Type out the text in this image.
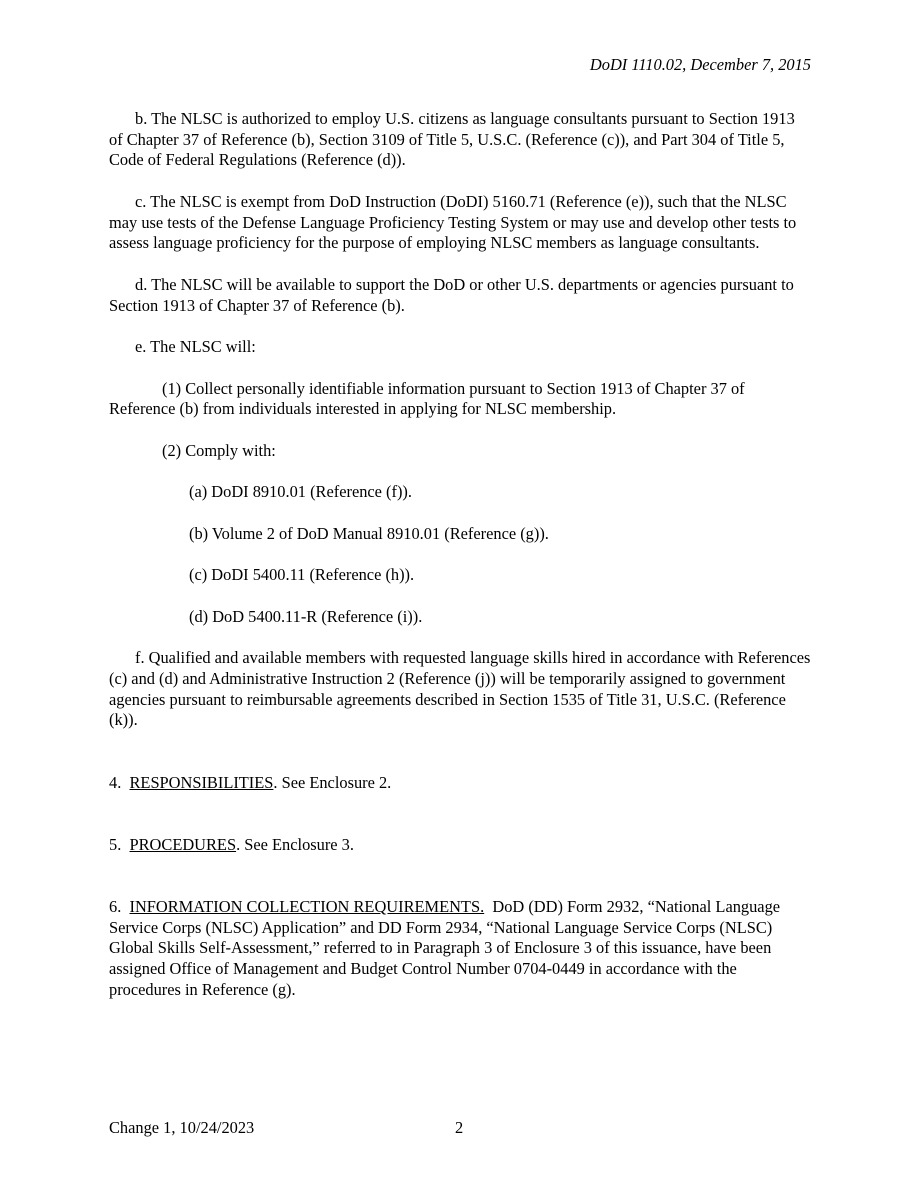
DoDI 1110.02, December 7, 2015

b. The NLSC is authorized to employ U.S. citizens as language consultants pursuant to Section 1913 of Chapter 37 of Reference (b), Section 3109 of Title 5, U.S.C. (Reference (c)), and Part 304 of Title 5, Code of Federal Regulations (Reference (d)).

c. The NLSC is exempt from DoD Instruction (DoDI) 5160.71 (Reference (e)), such that the NLSC may use tests of the Defense Language Proficiency Testing System or may use and develop other tests to assess language proficiency for the purpose of employing NLSC members as language consultants.

d. The NLSC will be available to support the DoD or other U.S. departments or agencies pursuant to Section 1913 of Chapter 37 of Reference (b).

e. The NLSC will:

(1) Collect personally identifiable information pursuant to Section 1913 of Chapter 37 of Reference (b) from individuals interested in applying for NLSC membership.

(2) Comply with:

(a) DoDI 8910.01 (Reference (f)).

(b) Volume 2 of DoD Manual 8910.01 (Reference (g)).

(c) DoDI 5400.11 (Reference (h)).

(d) DoD 5400.11-R (Reference (i)).

f. Qualified and available members with requested language skills hired in accordance with References (c) and (d) and Administrative Instruction 2 (Reference (j)) will be temporarily assigned to government agencies pursuant to reimbursable agreements described in Section 1535 of Title 31, U.S.C. (Reference (k)).

4. RESPONSIBILITIES. See Enclosure 2.

5. PROCEDURES. See Enclosure 3.

6. INFORMATION COLLECTION REQUIREMENTS.  DoD (DD) Form 2932, “National Language Service Corps (NLSC) Application” and DD Form 2934, “National Language Service Corps (NLSC) Global Skills Self-Assessment,” referred to in Paragraph 3 of Enclosure 3 of this issuance, have been assigned Office of Management and Budget Control Number 0704-0449 in accordance with the procedures in Reference (g).

Change 1, 10/24/2023	2
